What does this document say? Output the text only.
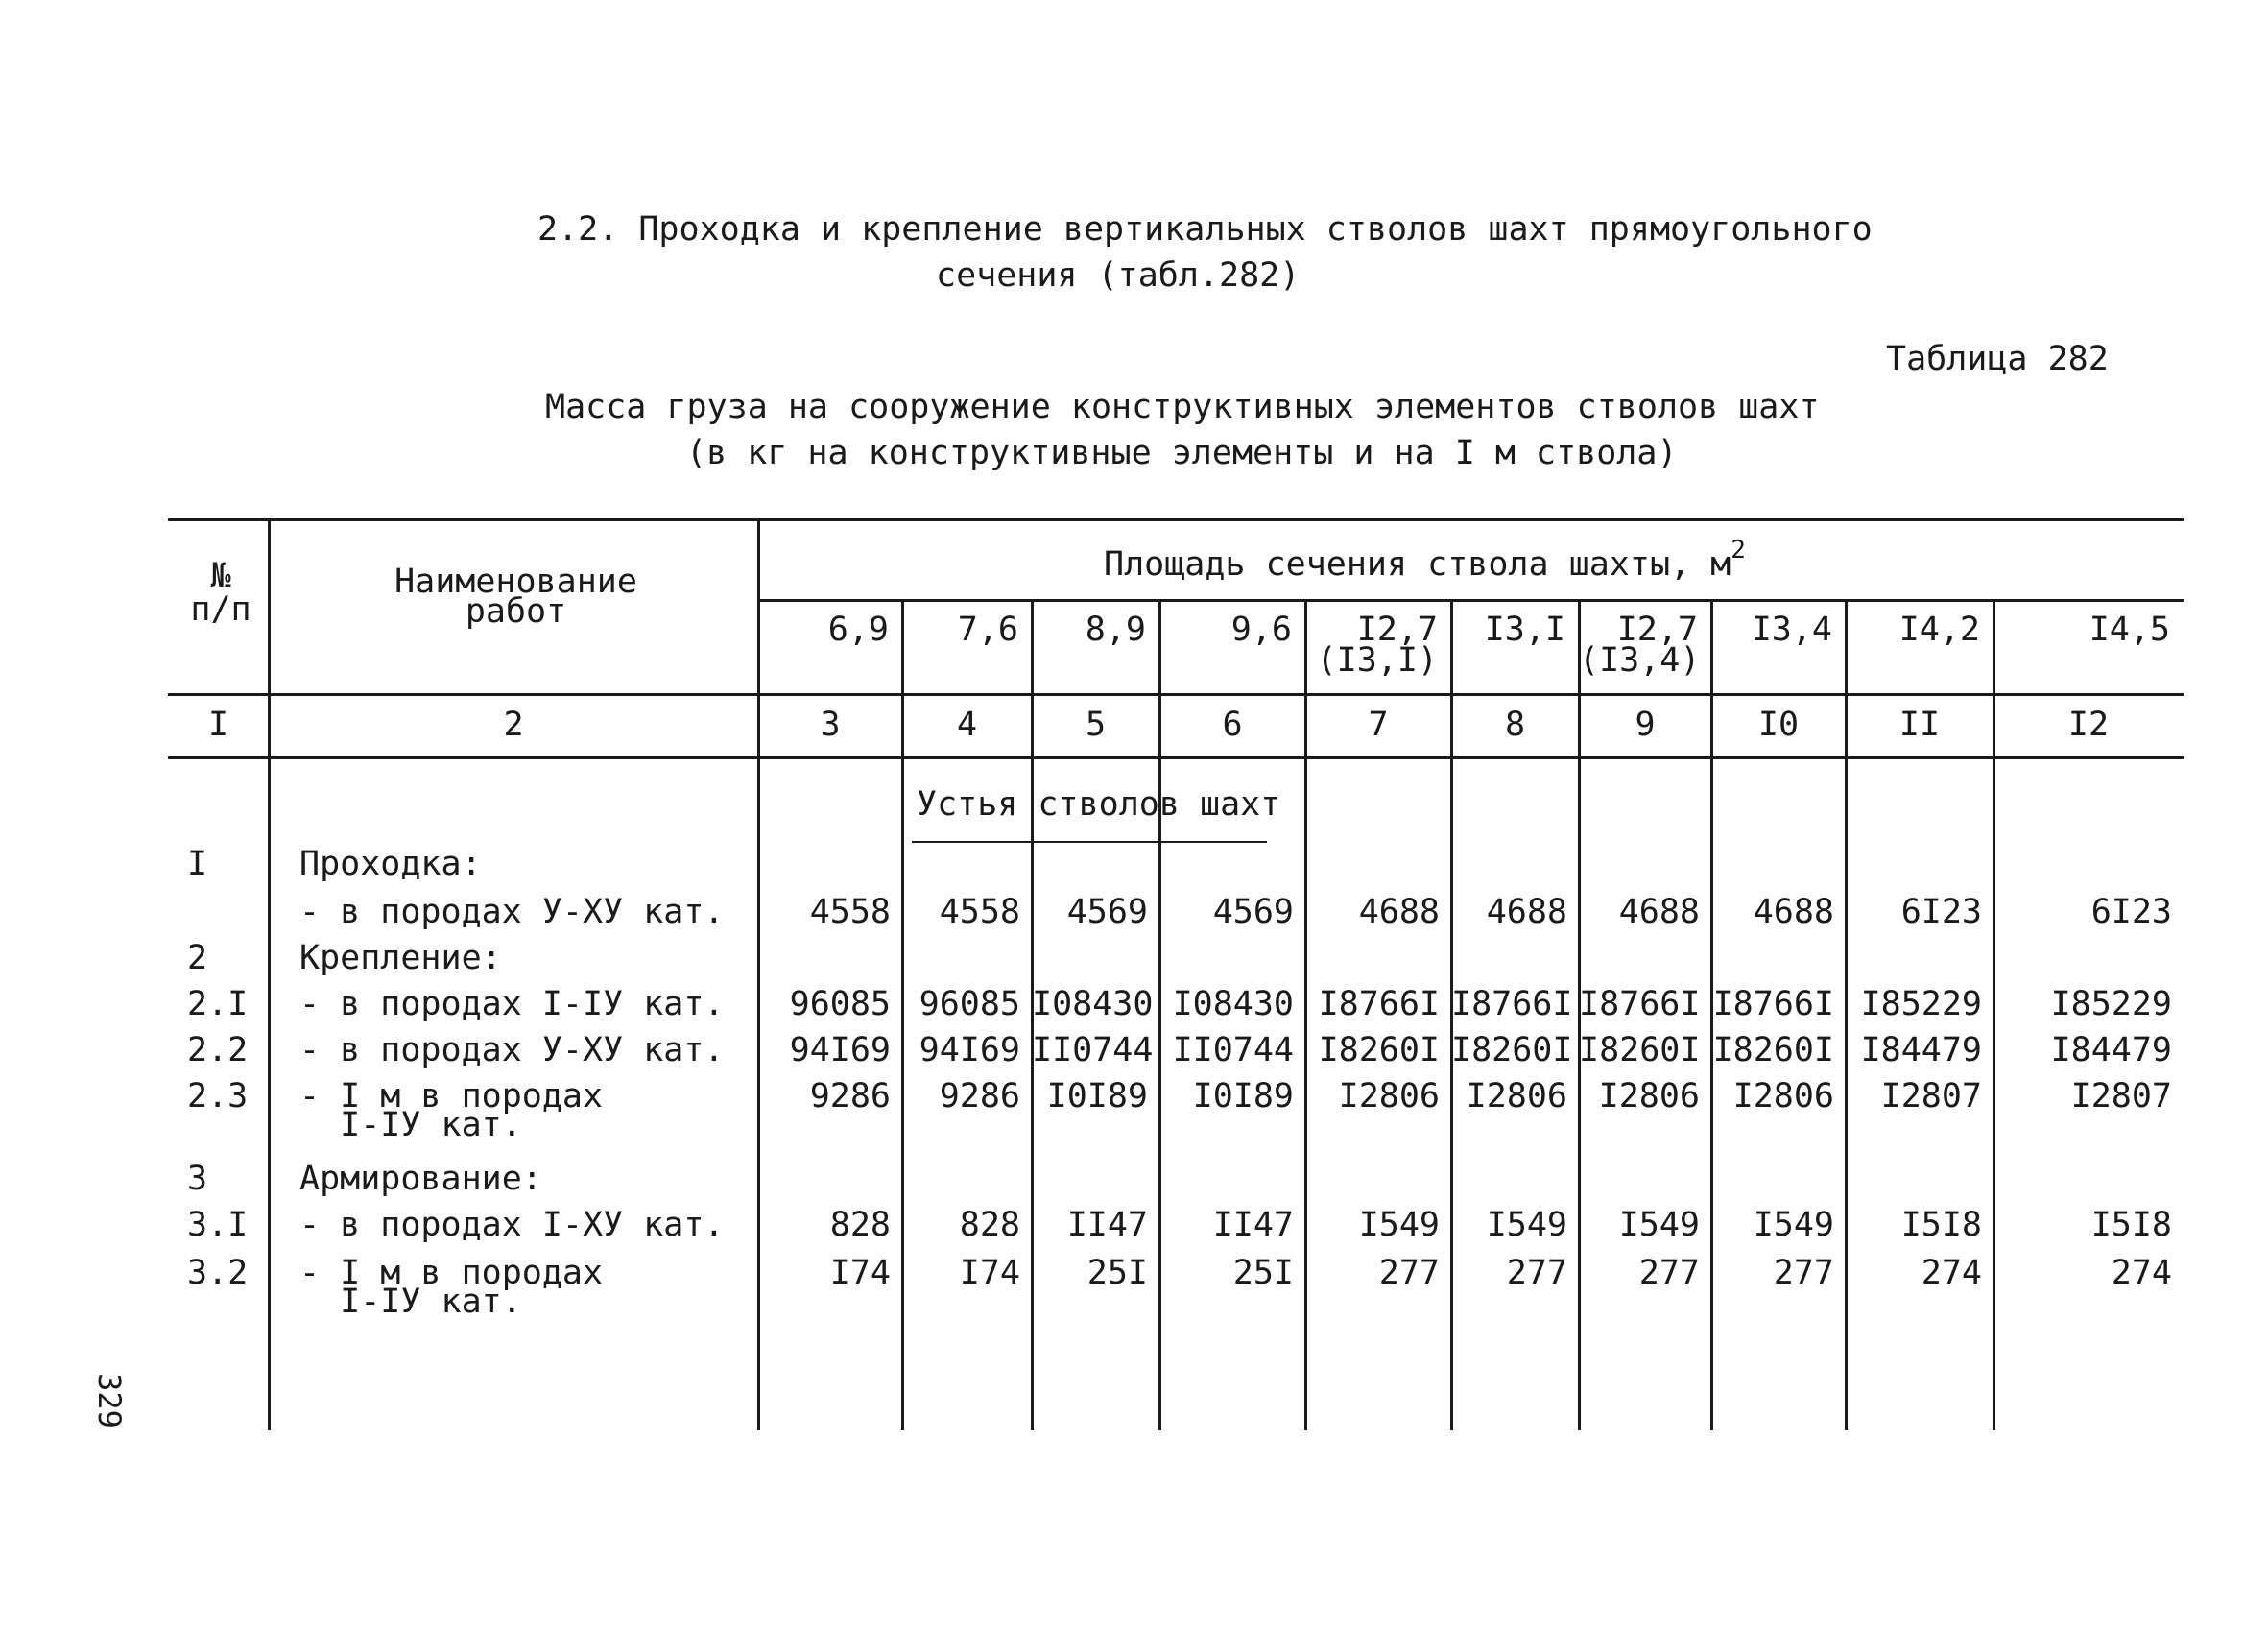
2.2. Проходка и крепление вертикальных стволов шахт прямоугольного
сечения (табл.282)
Таблица 282
Масса груза на сооружение конструктивных элементов стволов шахт
(в кг на конструктивные элементы и на I м ствола)
№
п/п
Наименование
работ
Площадь сечения ствола шахты, $м^2$
6,9	7,6	8,9	9,6	I2,7
(I3,I)
I3,I	I2,7
(I3,4)
I3,4	I4,2	I4,5
I	2	3	4	5	6	7	8	9	I0	II	I2
Устья стволов шахт
I	Проходка:
- в породах У-ХУ кат.	4558	4558	4569	4569	4688	4688	4688	4688	6I23	6I23
2	Крепление:
2.I - в породах I-IУ кат.	96085 96085 I08430 I08430 I8766I I8766I I8766I I8766I I85229	I85229
2.2 - в породах У-ХУ кат.	94I69 94I69 II0744 II0744 I8260I I8260I I8260I I8260I I84479	I84479
2.3 - I м в породах
I-IУ кат.
9286	9286 I0I89	I0I89	I2806 I2806 I2806 I2806	I2807	I2807
3	Армирование:
3.I - в породах I-ХУ кат.	828	828	II47	II47	I549	I549	I549	I549	I5I8	I5I8
3.2 - I м в породах
I-IУ кат.
I74	I74	25I	25I	277	277	277	277	274	274
329
